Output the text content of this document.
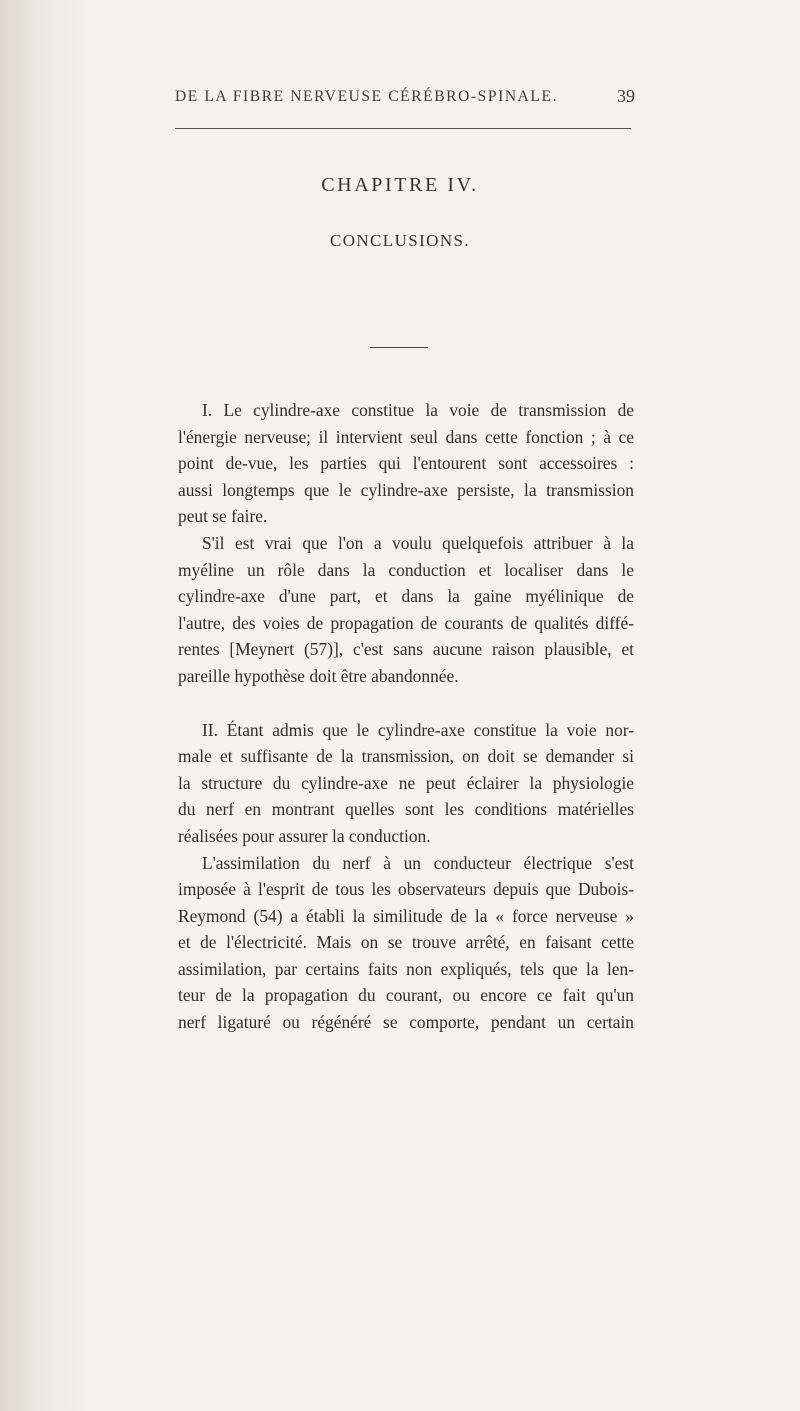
DE LA FIBRE NERVEUSE CÉRÉBRO-SPINALE.	39
CHAPITRE IV.
CONCLUSIONS.
I. Le cylindre-axe constitue la voie de transmission de
l'énergie nerveuse; il intervient seul dans cette fonction ; à ce
point de-vue, les parties qui l'entourent sont accessoires :
aussi longtemps que le cylindre-axe persiste, la transmission
peut se faire.
S'il est vrai que l'on a voulu quelquefois attribuer à la
myéline un rôle dans la conduction et localiser dans le
cylindre-axe d'une part, et dans la gaine myélinique de
l'autre, des voies de propagation de courants de qualités diffé-
rentes [Meynert (57)], c'est sans aucune raison plausible, et
pareille hypothèse doit être abandonnée.
II. Étant admis que le cylindre-axe constitue la voie nor-
male et suffisante de la transmission, on doit se demander si
la structure du cylindre-axe ne peut éclairer la physiologie
du nerf en montrant quelles sont les conditions matérielles
réalisées pour assurer la conduction.
L'assimilation du nerf à un conducteur électrique s'est
imposée à l'esprit de tous les observateurs depuis que Dubois-
Reymond (54) a établi la similitude de la « force nerveuse »
et de l'électricité. Mais on se trouve arrêté, en faisant cette
assimilation, par certains faits non expliqués, tels que la len-
teur de la propagation du courant, ou encore ce fait qu'un
nerf ligaturé ou régénéré se comporte, pendant un certain
